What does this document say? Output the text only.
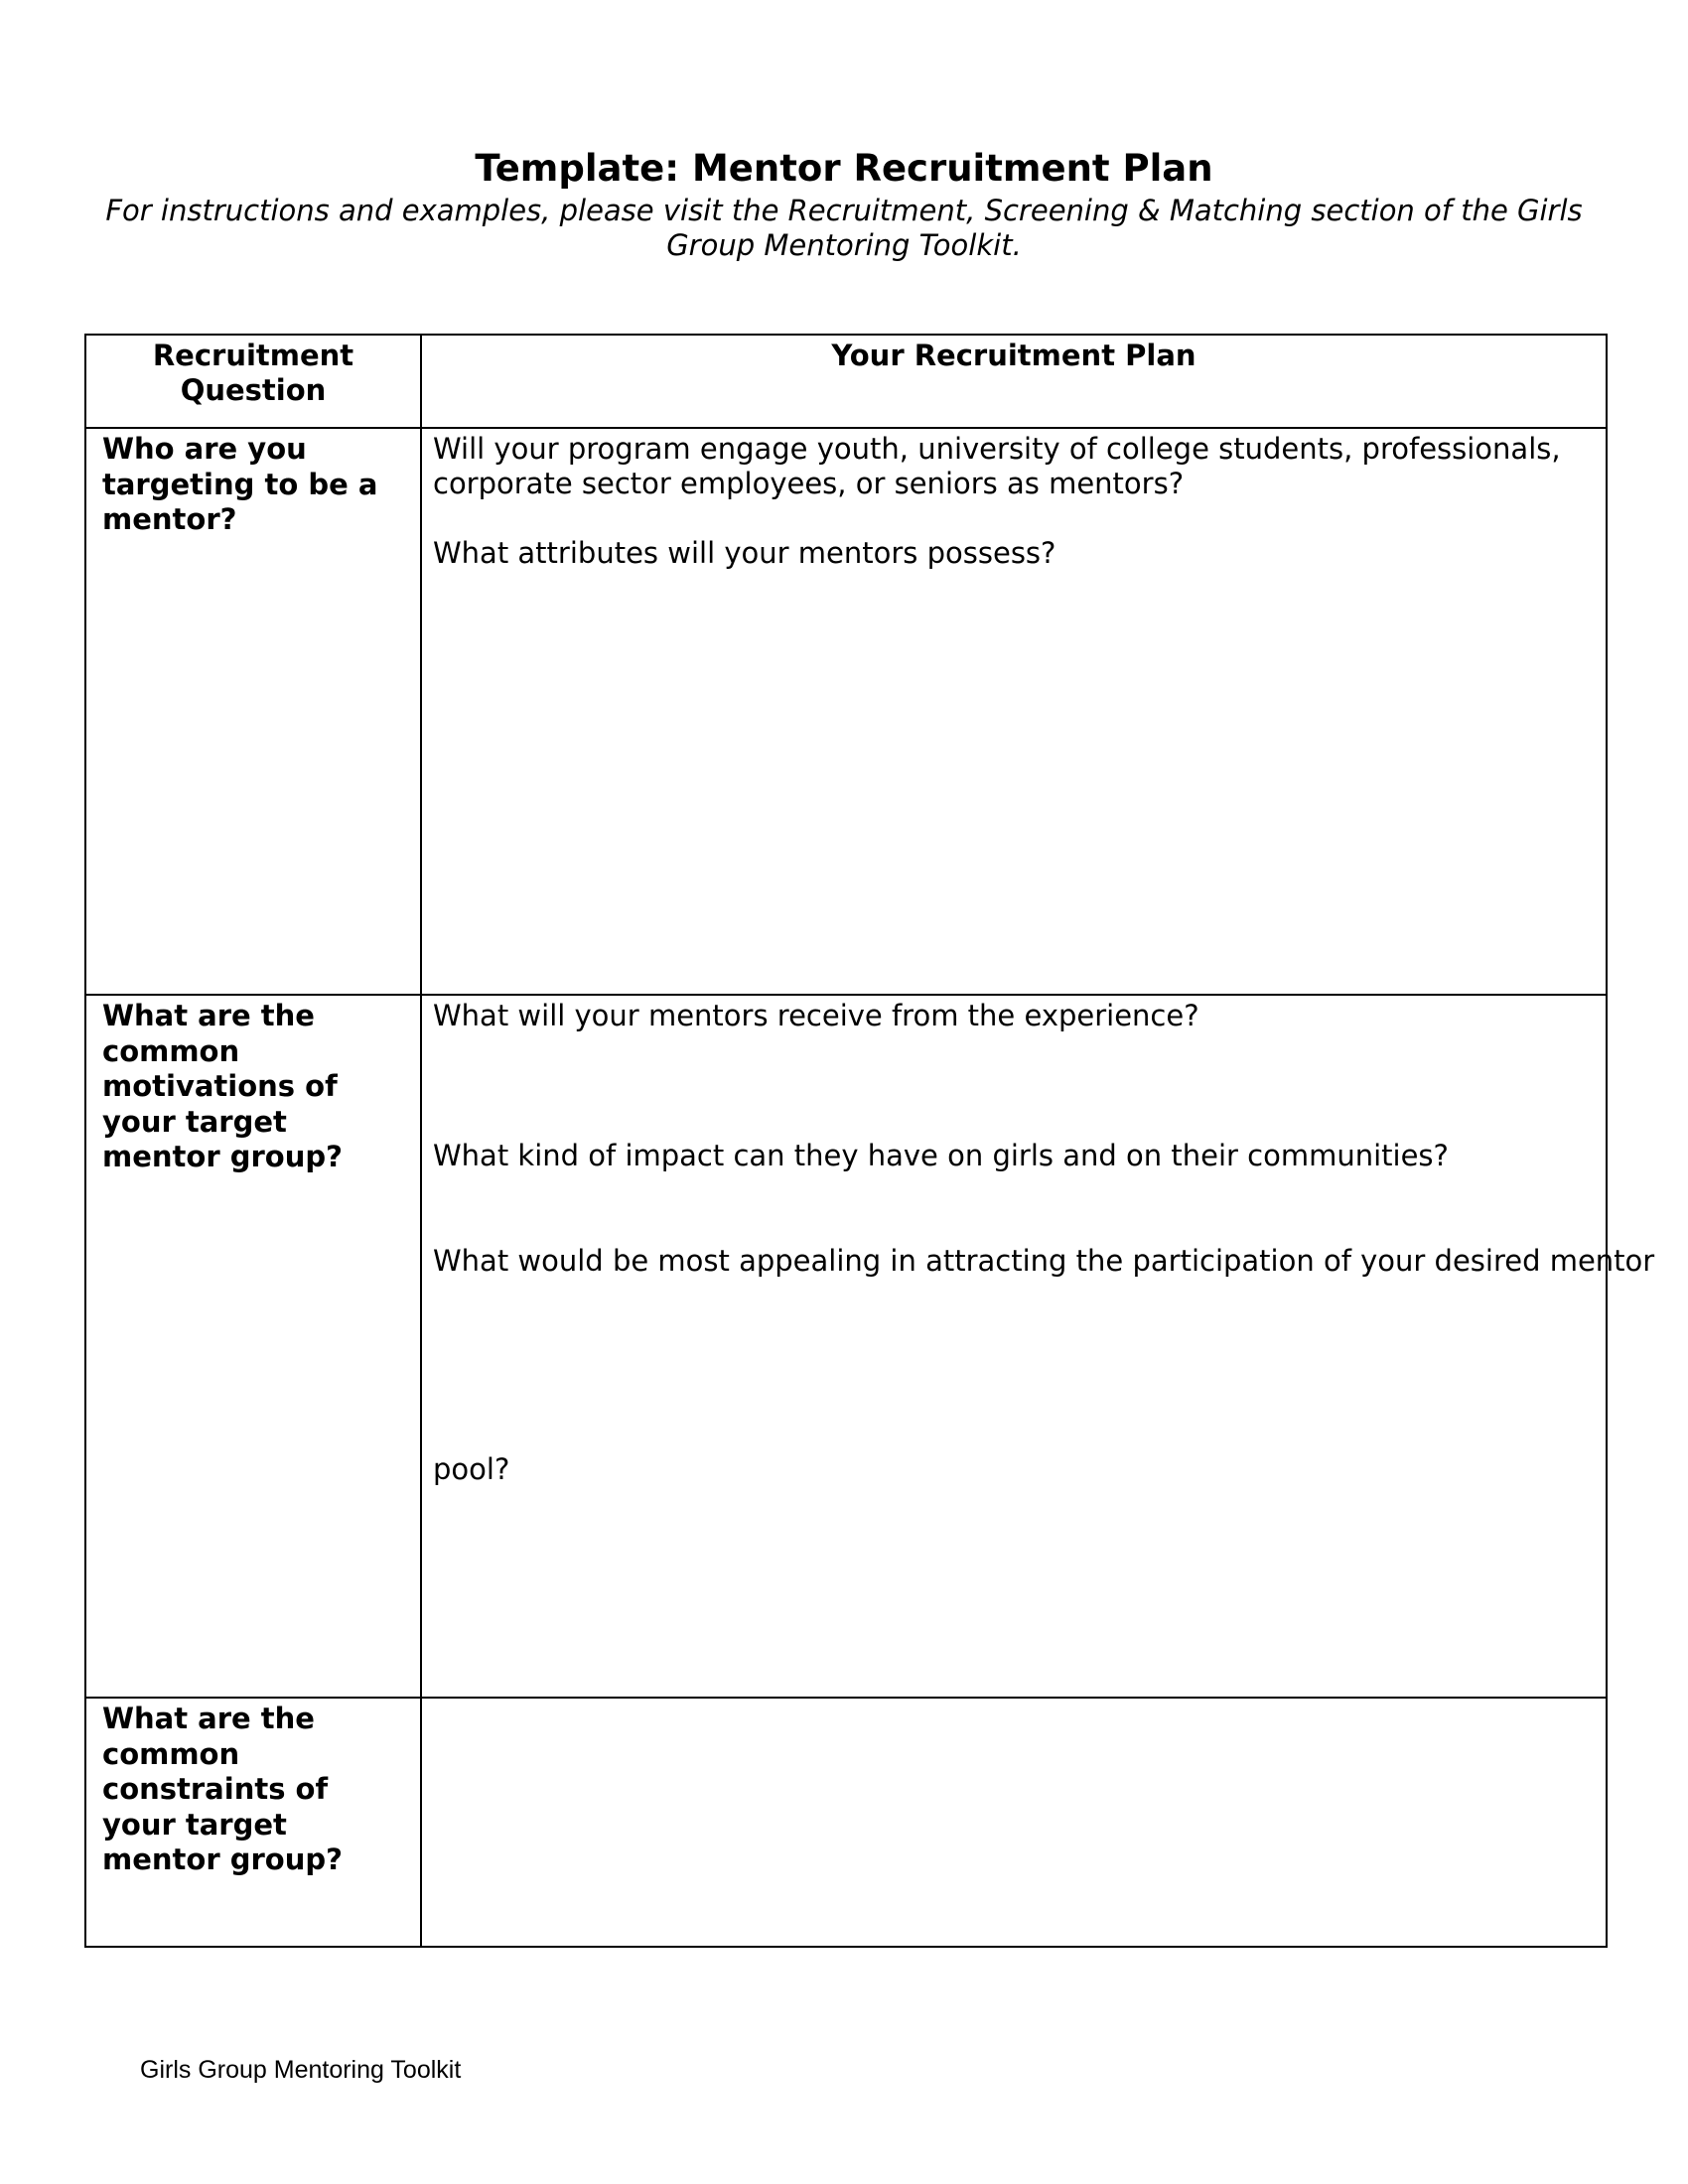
Template: Mentor Recruitment Plan
For instructions and examples, please visit the Recruitment, Screening & Matching section of the Girls Group Mentoring Toolkit.
Recruitment Question	Your Recruitment Plan

Who are you targeting to be a mentor?	Will your program engage youth, university of college students, professionals, corporate sector employees, or seniors as mentors?
What attributes will your mentors possess?

What are the common motivations of your target mentor group?	What will your mentors receive from the experience?
What kind of impact can they have on girls and on their communities?
What would be most appealing in attracting the participation of your desired mentor
pool?

What are the common constraints of your target mentor group?	

Girls Group Mentoring Toolkit
